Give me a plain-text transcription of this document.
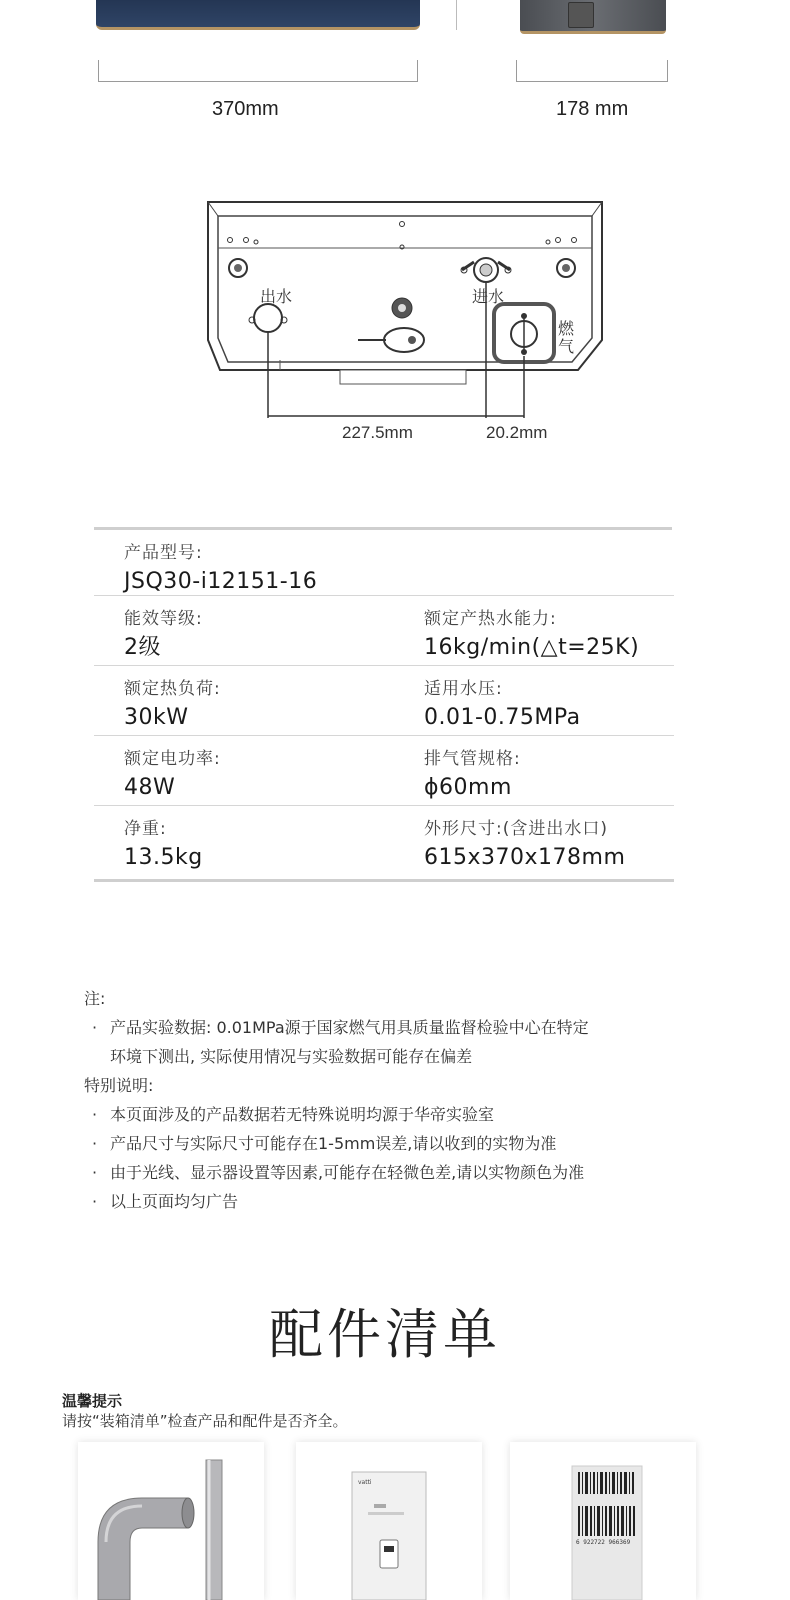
370mm	178 mm
出水	进水
燃
气
227.5mm	20.2mm
产品型号:
JSQ30-i12151-16
能效等级:
2级
额定产热水能力:
16kg/min(△t=25K)
额定热负荷:
30kW
适用水压:
0.01-0.75MPa
额定电功率:
48W
排气管规格:
ϕ60mm
净重:
13.5kg
外形尺寸:(含进出水口)
615x370x178mm
注:
· 产品实验数据: 0.01MPa源于国家燃气用具质量监督检验中心在特定
环境下测出, 实际使用情况与实验数据可能存在偏差
特别说明:
· 本页面涉及的产品数据若无特殊说明均源于华帝实验室
· 产品尺寸与实际尺寸可能存在1-5mm误差,请以收到的实物为准
· 由于光线、显示器设置等因素,可能存在轻微色差,请以实物颜色为准
· 以上页面均匀广告
配件清单
温馨提示
请按“装箱清单”检查产品和配件是否齐全。
vatti
6 922722 966369
